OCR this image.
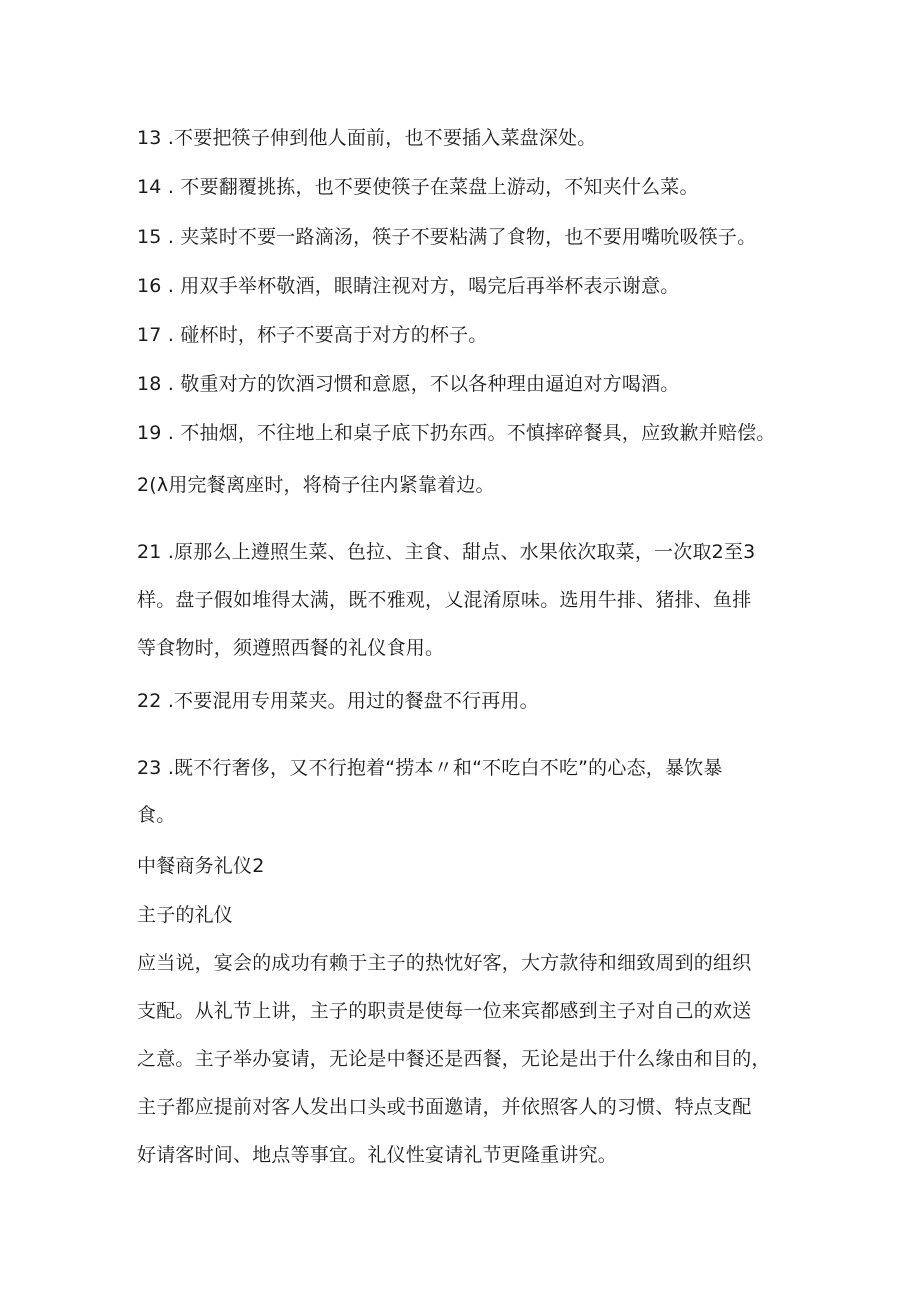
13 .不要把筷子伸到他人面前，也不要插入菜盘深处。
14 . 不要翻覆挑拣，也不要使筷子在菜盘上游动，不知夹什么菜。
15 . 夹菜时不要一路滴汤，筷子不要粘满了食物，也不要用嘴吮吸筷子。
16 . 用双手举杯敬酒，眼睛注视对方，喝完后再举杯表示谢意。
17 . 碰杯时，杯子不要高于对方的杯子。
18 . 敬重对方的饮酒习惯和意愿，不以各种理由逼迫对方喝酒。
19 . 不抽烟，不往地上和桌子底下扔东西。不慎摔碎餐具，应致歉并赔偿。
2(λ用完餐离座时，将椅子往内紧靠着边。
21 .原那么上遵照生菜、色拉、主食、甜点、水果依次取菜，一次取2至3
样。盘子假如堆得太满，既不雅观，乂混淆原味。选用牛排、猪排、鱼排
等食物时，须遵照西餐的礼仪食用。
22 .不要混用专用菜夹。用过的餐盘不行再用。
23 .既不行奢侈，又不行抱着“捞本〃和“不吃白不吃”的心态，暴饮暴
食。
中餐商务礼仪2
主子的礼仪
应当说，宴会的成功有赖于主子的热忱好客，大方款待和细致周到的组织
支配。从礼节上讲，主子的职责是使每一位来宾都感到主子对自己的欢送
之意。主子举办宴请，无论是中餐还是西餐，无论是出于什么缘由和目的，
主子都应提前对客人发出口头或书面邀请，并依照客人的习惯、特点支配
好请客时间、地点等事宜。礼仪性宴请礼节更隆重讲究。
